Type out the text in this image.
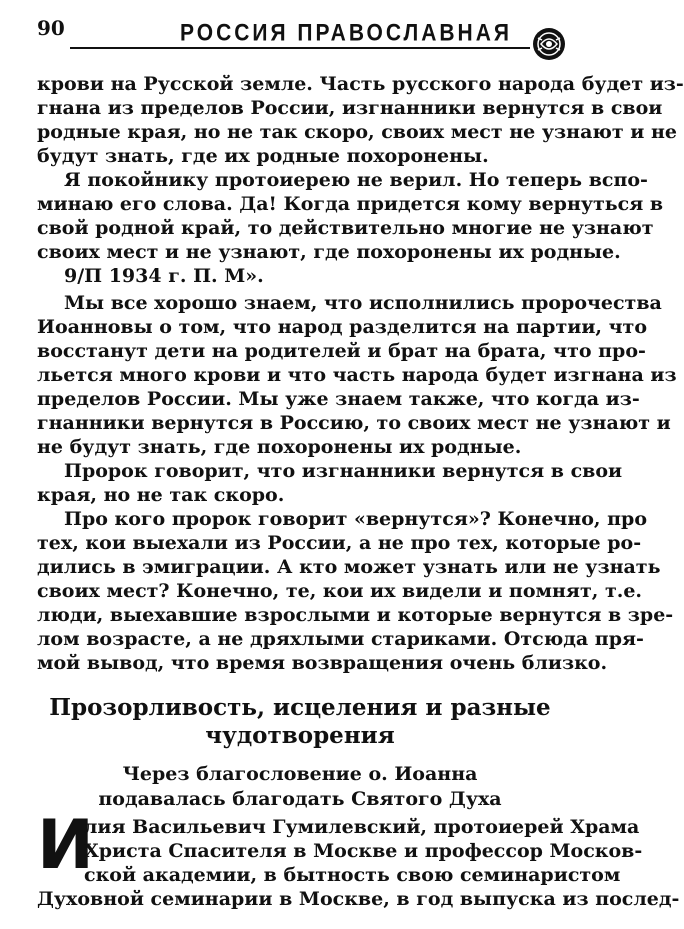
90	РОССИЯ ПРАВОСЛАВНАЯ
крови на Русской земле. Часть русского народа будет из-
гнана из пределов России, изгнанники вернутся в свои
родные края, но не так скоро, своих мест не узнают и не
будут знать, где их родные похоронены.
Я покойнику протоиерею не верил. Но теперь вспо-
минаю его слова. Да! Когда придется кому вернуться в
свой родной край, то действительно многие не узнают
своих мест и не узнают, где похоронены их родные.
9/П 1934 г. П. М».
Мы все хорошо знаем, что исполнились пророчества
Иоанновы о том, что народ разделится на партии, что
восстанут дети на родителей и брат на брата, что про-
льется много крови и что часть народа будет изгнана из
пределов России. Мы уже знаем также, что когда из-
гнанники вернутся в Россию, то своих мест не узнают и
не будут знать, где похоронены их родные.
Пророк говорит, что изгнанники вернутся в свои
края, но не так скоро.
Про кого пророк говорит «вернутся»? Конечно, про
тех, кои выехали из России, а не про тех, которые ро-
дились в эмиграции. А кто может узнать или не узнать
своих мест? Конечно, те, кои их видели и помнят, т.е.
люди, выехавшие взрослыми и которые вернутся в зре-
лом возрасте, а не дряхлыми стариками. Отсюда пря-
мой вывод, что время возвращения очень близко.
Прозорливость, исцеления и разные
чудотворения
Через благословение о. Иоанна
подавалась благодать Святого Духа
И
лия Васильевич Гумилевский, протоиерей Храма
Христа Спасителя в Москве и профессор Москов-
ской академии, в бытность свою семинаристом
Духовной семинарии в Москве, в год выпуска из послед-
